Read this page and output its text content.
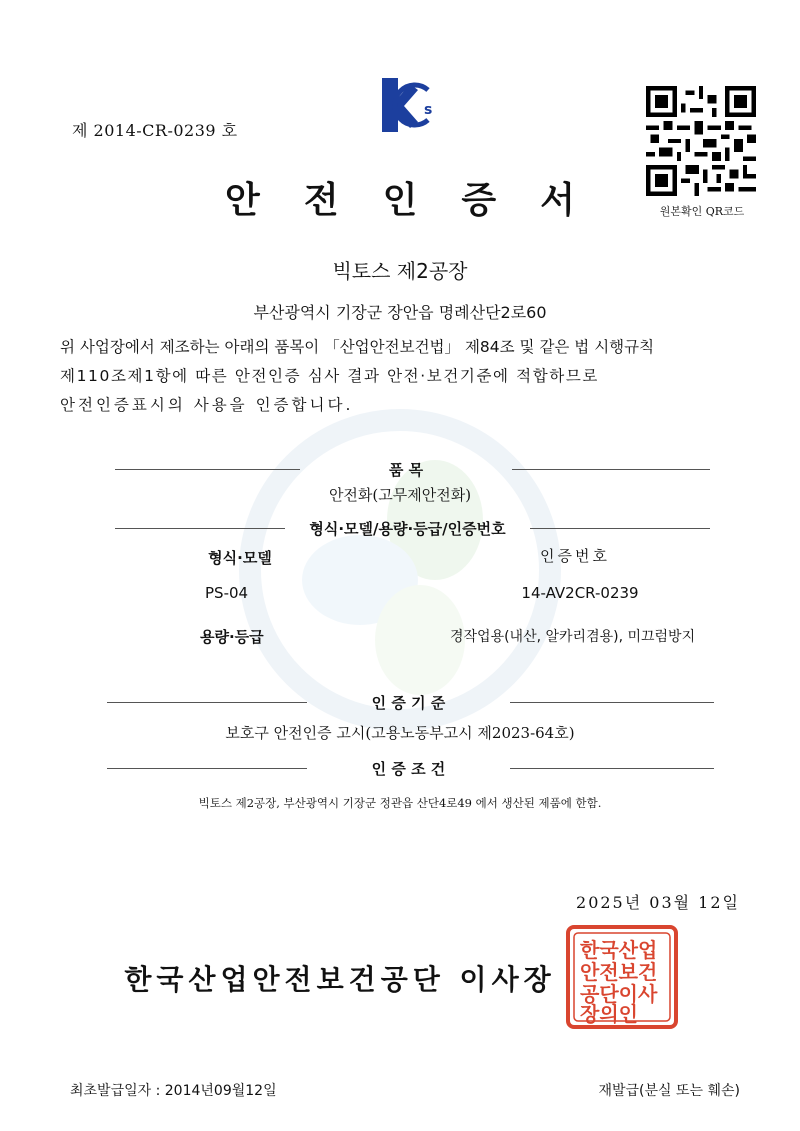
제 2014-CR-0239 호
s
원본확인 QR코드
안전인증서
빅토스 제2공장
부산광역시 기장군 장안읍 명례산단2로60
위 사업장에서 제조하는 아래의 품목이 「산업안전보건법」 제84조 및 같은 법 시행규칙
제110조제1항에 따른 안전인증 심사 결과 안전·보건기준에 적합하므로
안전인증표시의 사용을 인증합니다.
품 목
안전화(고무제안전화)
형식·모델/용량·등급/인증번호
형식·모델	인증번호
PS-04	14-AV2CR-0239
용량·등급	경작업용(내산, 알카리겸용), 미끄럼방지
인 증 기 준
보호구 안전인증 고시(고용노동부고시 제2023-64호)
인 증 조 건
빅토스 제2공장, 부산광역시 기장군 정관읍 산단4로49 에서 생산된 제품에 한함.
2025년 03월 12일
한국산업
안전보건
공단이사
장의인
한국산업안전보건공단 이사장
최초발급일자 : 2014년09월12일	재발급(분실 또는 훼손)
